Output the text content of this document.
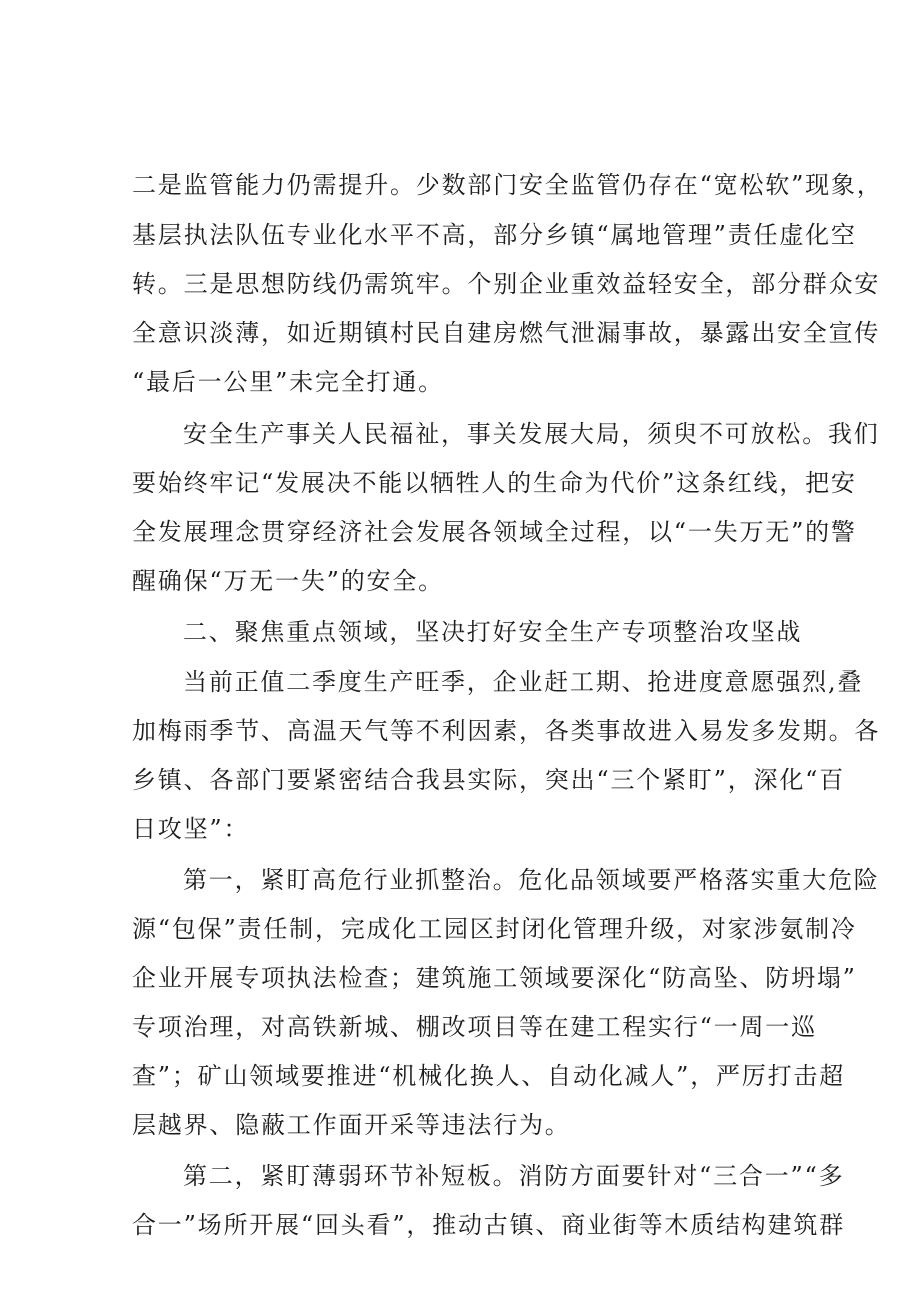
二是监管能力仍需提升。少数部门安全监管仍存在“宽松软”现象，
基层执法队伍专业化水平不高，部分乡镇“属地管理”责任虚化空
转。三是思想防线仍需筑牢。个别企业重效益轻安全，部分群众安
全意识淡薄，如近期镇村民自建房燃气泄漏事故，暴露出安全宣传
“最后一公里”未完全打通。
安全生产事关人民福祉，事关发展大局，须臾不可放松。我们
要始终牢记“发展决不能以牺牲人的生命为代价”这条红线，把安
全发展理念贯穿经济社会发展各领域全过程，以“一失万无”的警
醒确保“万无一失”的安全。
二、聚焦重点领域，坚决打好安全生产专项整治攻坚战
当前正值二季度生产旺季，企业赶工期、抢进度意愿强烈,叠
加梅雨季节、高温天气等不利因素，各类事故进入易发多发期。各
乡镇、各部门要紧密结合我县实际，突出“三个紧盯”，深化“百
日攻坚”：
第一，紧盯高危行业抓整治。危化品领域要严格落实重大危险
源“包保”责任制，完成化工园区封闭化管理升级，对家涉氨制冷
企业开展专项执法检查；建筑施工领域要深化“防高坠、防坍塌”
专项治理，对高铁新城、棚改项目等在建工程实行“一周一巡
查”；矿山领域要推进“机械化换人、自动化减人”，严厉打击超
层越界、隐蔽工作面开采等违法行为。
第二，紧盯薄弱环节补短板。消防方面要针对“三合一”“多
合一”场所开展“回头看”，推动古镇、商业街等木质结构建筑群
